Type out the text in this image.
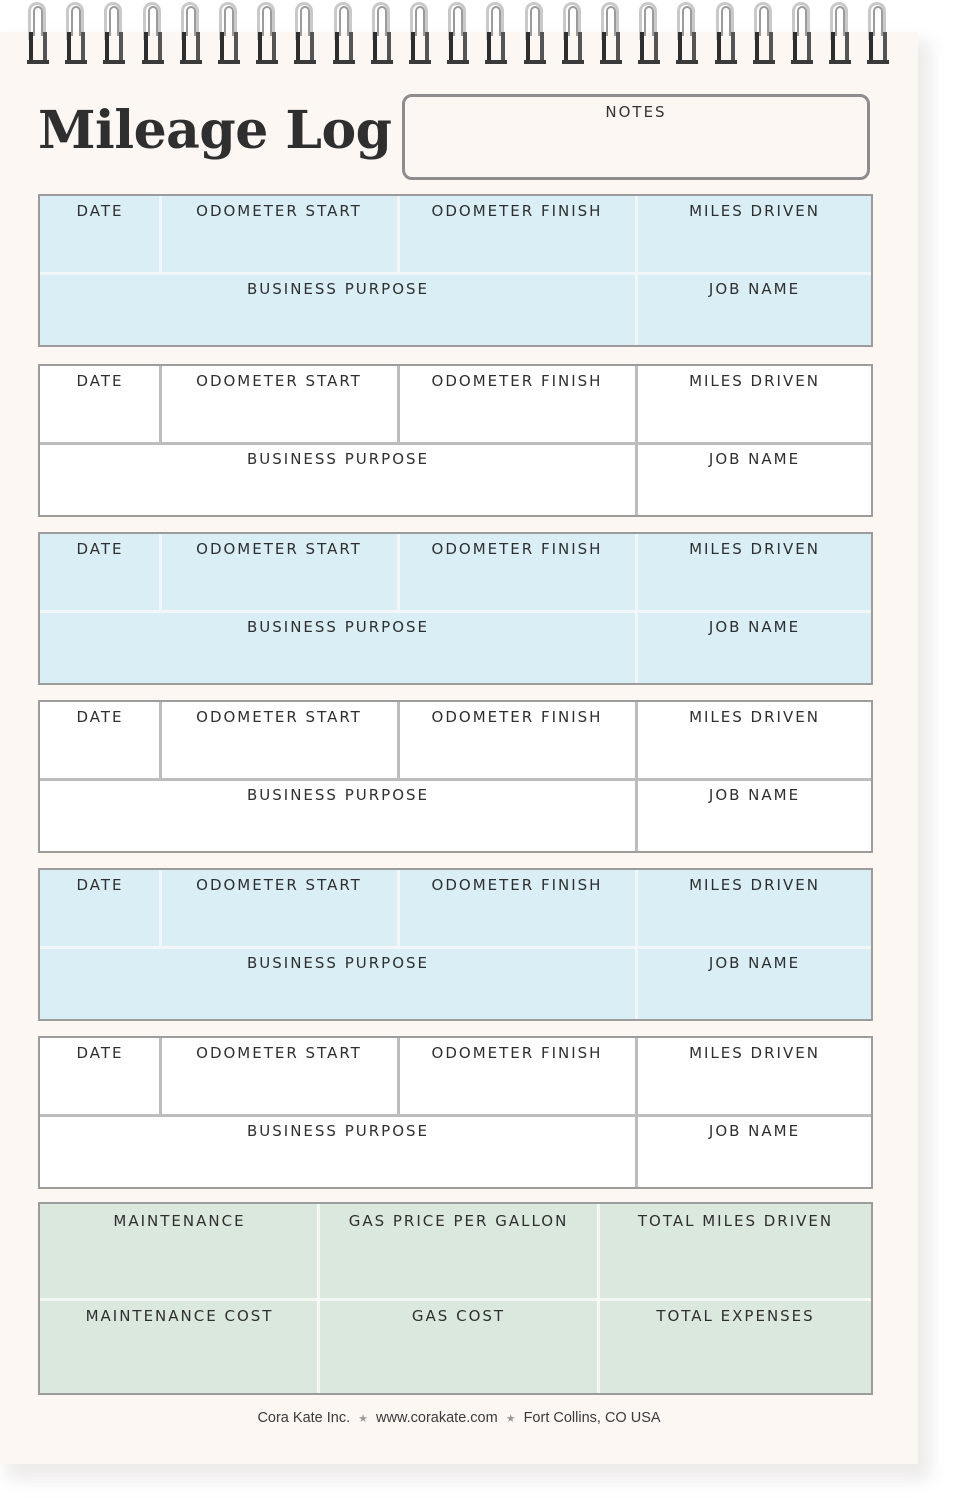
Mileage Log	NOTES
DATE	ODOMETER START	ODOMETER FINISH	MILES DRIVEN
BUSINESS PURPOSE	JOB NAME
DATE	ODOMETER START	ODOMETER FINISH	MILES DRIVEN
BUSINESS PURPOSE	JOB NAME
DATE	ODOMETER START	ODOMETER FINISH	MILES DRIVEN
BUSINESS PURPOSE	JOB NAME
DATE	ODOMETER START	ODOMETER FINISH	MILES DRIVEN
BUSINESS PURPOSE	JOB NAME
DATE	ODOMETER START	ODOMETER FINISH	MILES DRIVEN
BUSINESS PURPOSE	JOB NAME
DATE	ODOMETER START	ODOMETER FINISH	MILES DRIVEN
BUSINESS PURPOSE	JOB NAME
MAINTENANCE	GAS PRICE PER GALLON	TOTAL MILES DRIVEN
MAINTENANCE COST	GAS COST	TOTAL EXPENSES
Cora Kate Inc. ★ www.corakate.com ★ Fort Collins, CO USA
